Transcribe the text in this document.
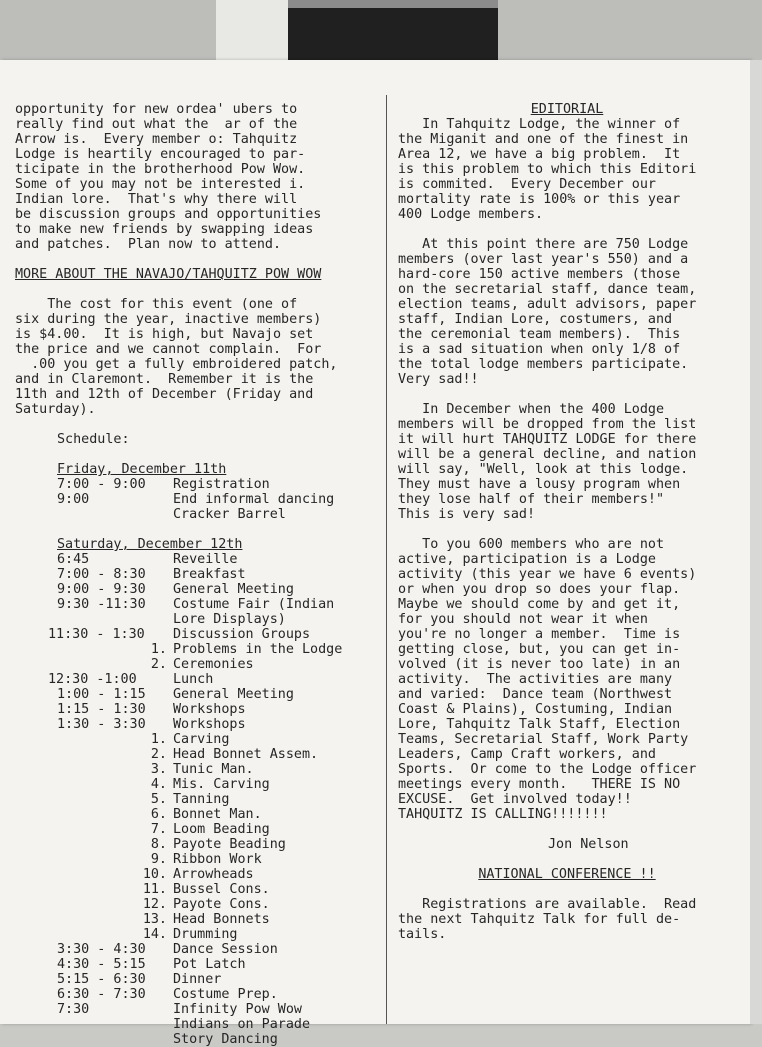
opportunity for new ordea' ubers to
really find out what the  ar of the
Arrow is.  Every member o: Tahquitz
Lodge is heartily encouraged to par-
ticipate in the brotherhood Pow Wow.
Some of you may not be interested i.
Indian lore.  That's why there will
be discussion groups and opportunities
to make new friends by swapping ideas
and patches.  Plan now to attend.
MORE ABOUT THE NAVAJO/TAHQUITZ POW WOW
The cost for this event (one of
six during the year, inactive members)
is $4.00.  It is high, but Navajo set
the price and we cannot complain.  For
.00 you get a fully embroidered patch,
and in Claremont.  Remember it is the
11th and 12th of December (Friday and
Saturday).
Schedule:
Friday, December 11th
7:00 - 9:00 Registration
9:00	End informal dancing
Cracker Barrel
Saturday, December 12th
6:45	Reveille
7:00 - 8:30 Breakfast
9:00 - 9:30 General Meeting
9:30 -11:30 Costume Fair (Indian
Lore Displays)
11:30 - 1:30 Discussion Groups
1. Problems in the Lodge
2. Ceremonies
12:30 -1:00	Lunch
1:00 - 1:15 General Meeting
1:15 - 1:30 Workshops
1:30 - 3:30 Workshops
1. Carving
2. Head Bonnet Assem.
3. Tunic Man.
4. Mis. Carving
5. Tanning
6. Bonnet Man.
7. Loom Beading
8. Payote Beading
9. Ribbon Work
10. Arrowheads
11. Bussel Cons.
12. Payote Cons.
13. Head Bonnets
14. Drumming
3:30 - 4:30 Dance Session
4:30 - 5:15 Pot Latch
5:15 - 6:30 Dinner
6:30 - 7:30 Costume Prep.
7:30	Infinity Pow Wow
Indians on Parade
Story Dancing
EDITORIAL
In Tahquitz Lodge, the winner of
the Miganit and one of the finest in
Area 12, we have a big problem.  It
is this problem to which this Editori
is commited.  Every December our
mortality rate is 100% or this year
400 Lodge members.
At this point there are 750 Lodge
members (over last year's 550) and a
hard-core 150 active members (those
on the secretarial staff, dance team,
election teams, adult advisors, paper
staff, Indian Lore, costumers, and
the ceremonial team members).  This
is a sad situation when only 1/8 of
the total lodge members participate.
Very sad!!
In December when the 400 Lodge
members will be dropped from the list
it will hurt TAHQUITZ LODGE for there
will be a general decline, and nation
will say, "Well, look at this lodge.
They must have a lousy program when
they lose half of their members!"
This is very sad!
To you 600 members who are not
active, participation is a Lodge
activity (this year we have 6 events)
or when you drop so does your flap.
Maybe we should come by and get it,
for you should not wear it when
you're no longer a member.  Time is
getting close, but, you can get in-
volved (it is never too late) in an
activity.  The activities are many
and varied:  Dance team (Northwest
Coast & Plains), Costuming, Indian
Lore, Tahquitz Talk Staff, Election
Teams, Secretarial Staff, Work Party
Leaders, Camp Craft workers, and
Sports.  Or come to the Lodge officer
meetings every month.   THERE IS NO
EXCUSE.  Get involved today!!
TAHQUITZ IS CALLING!!!!!!!
Jon Nelson
NATIONAL CONFERENCE !!
Registrations are available.  Read
the next Tahquitz Talk for full de-
tails.
